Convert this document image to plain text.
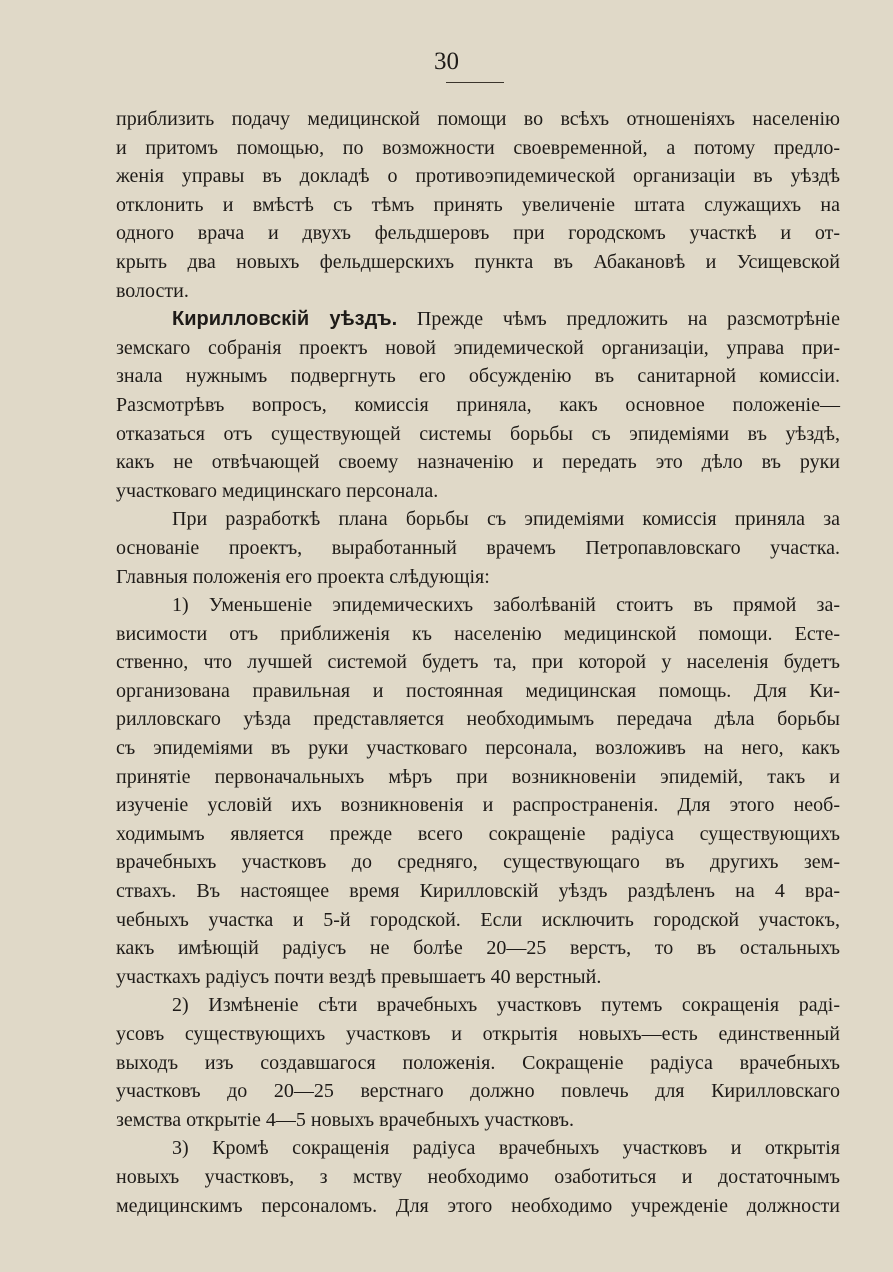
30
приблизить подачу медицинской помощи во всѣхъ отношеніяхъ населенію
и притомъ помощью, по возможности своевременной, а потому предло-
женія управы въ докладѣ о противоэпидемической организаціи въ уѣздѣ
отклонить и вмѣстѣ съ тѣмъ принять увеличеніе штата служащихъ на
одного врача и двухъ фельдшеровъ при городскомъ участкѣ и от-
крыть два новыхъ фельдшерскихъ пункта въ Абакановѣ и Усищевской
волости.
Кирилловскій уѣздъ. Прежде чѣмъ предложить на разсмотрѣніе
земскаго собранія проектъ новой эпидемической организаціи, управа при-
знала нужнымъ подвергнуть его обсужденію въ санитарной комиссіи.
Разсмотрѣвъ вопросъ, комиссія приняла, какъ основное положеніе—
отказаться отъ существующей системы борьбы съ эпидеміями въ уѣздѣ,
какъ не отвѣчающей своему назначенію и передать это дѣло въ руки
участковаго медицинскаго персонала.
При разработкѣ плана борьбы съ эпидеміями комиссія приняла за
основаніе проектъ, выработанный врачемъ Петропавловскаго участка.
Главныя положенія его проекта слѣдующія:
1) Уменьшеніе эпидемическихъ заболѣваній стоитъ въ прямой за-
висимости отъ приближенія къ населенію медицинской помощи. Есте-
ственно, что лучшей системой будетъ та, при которой у населенія будетъ
организована правильная и постоянная медицинская помощь. Для Ки-
рилловскаго уѣзда представляется необходимымъ передача дѣла борьбы
съ эпидеміями въ руки участковаго персонала, возложивъ на него, какъ
принятіе первоначальныхъ мѣръ при возникновеніи эпидемій, такъ и
изученіе условій ихъ возникновенія и распространенія. Для этого необ-
ходимымъ является прежде всего сокращеніе радіуса существующихъ
врачебныхъ участковъ до средняго, существующаго въ другихъ зем-
ствахъ. Въ настоящее время Кирилловскій уѣздъ раздѣленъ на 4 вра-
чебныхъ участка и 5-й городской. Если исключить городской участокъ,
какъ имѣющій радіусъ не болѣе 20—25 верстъ, то въ остальныхъ
участкахъ радіусъ почти вездѣ превышаетъ 40 верстный.
2) Измѣненіе сѣти врачебныхъ участковъ путемъ сокращенія раді-
усовъ существующихъ участковъ и открытія новыхъ—есть единственный
выходъ изъ создавшагося положенія. Сокращеніе радіуса врачебныхъ
участковъ до 20—25 верстнаго должно повлечь для Кирилловскаго
земства открытіе 4—5 новыхъ врачебныхъ участковъ.
3) Кромѣ сокращенія радіуса врачебныхъ участковъ и открытія
новыхъ участковъ, з мству необходимо озаботиться и достаточнымъ
медицинскимъ персоналомъ. Для этого необходимо учрежденіе должности
